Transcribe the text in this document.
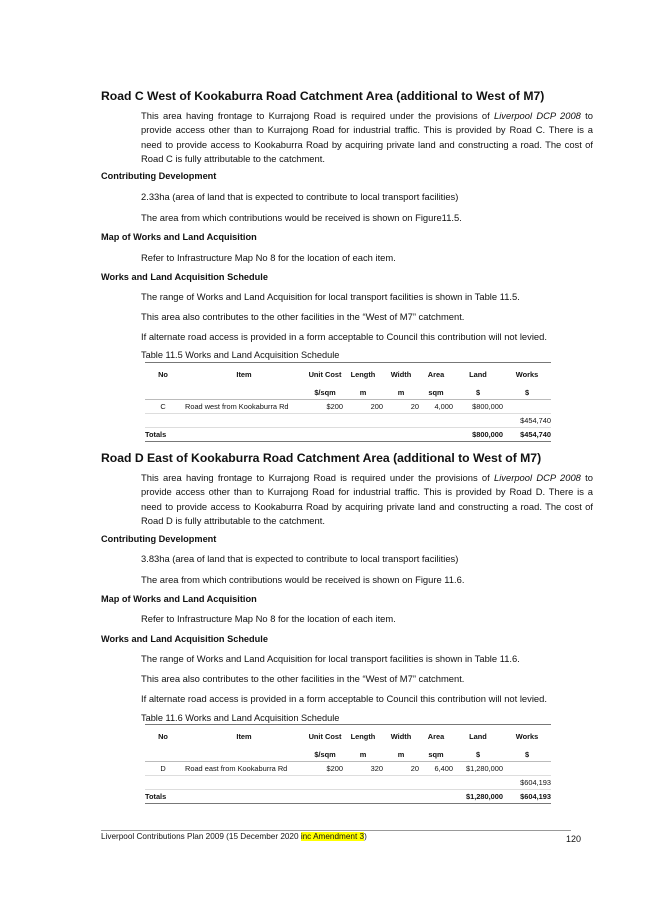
Road C West of Kookaburra Road Catchment Area (additional to West of M7)

This area having frontage to Kurrajong Road is required under the provisions of Liverpool DCP 2008 to provide access other than to Kurrajong Road for industrial traffic. This is provided by Road C. There is a need to provide access to Kookaburra Road by acquiring private land and constructing a road. The cost of Road C is fully attributable to the catchment.

Contributing Development

2.33ha (area of land that is expected to contribute to local transport facilities)

The area from which contributions would be received is shown on Figure11.5.

Map of Works and Land Acquisition

Refer to Infrastructure Map No 8 for the location of each item.

Works and Land Acquisition Schedule

The range of Works and Land Acquisition for local transport facilities is shown in Table 11.5.

This area also contributes to the other facilities in the “West of M7” catchment.

If alternate road access is provided in a form acceptable to Council this contribution will not levied.

Table 11.5 Works and Land Acquisition Schedule

No	Item	Unit Cost	Length	Width	Area	Land	Works
		$/sqm	m	m	sqm	$	$
C	Road west from Kookaburra Rd	$200	200	20	4,000	$800,000	
							$454,740
Totals						$800,000	$454,740
Road D East of Kookaburra Road Catchment Area (additional to West of M7)

This area having frontage to Kurrajong Road is required under the provisions of Liverpool DCP 2008 to provide access other than to Kurrajong Road for industrial traffic. This is provided by Road D. There is a need to provide access to Kookaburra Road by acquiring private land and constructing a road. The cost of Road D is fully attributable to the catchment.

Contributing Development

3.83ha (area of land that is expected to contribute to local transport facilities)

The area from which contributions would be received is shown on Figure 11.6.

Map of Works and Land Acquisition

Refer to Infrastructure Map No 8 for the location of each item.

Works and Land Acquisition Schedule

The range of Works and Land Acquisition for local transport facilities is shown in Table 11.6.

This area also contributes to the other facilities in the “West of M7” catchment.

If alternate road access is provided in a form acceptable to Council this contribution will not levied.

Table 11.6 Works and Land Acquisition Schedule

No	Item	Unit Cost	Length	Width	Area	Land	Works
		$/sqm	m	m	sqm	$	$
D	Road east from Kookaburra Rd	$200	320	20	6,400	$1,280,000	
							$604,193
Totals						$1,280,000	$604,193
Liverpool Contributions Plan 2009 (15 December 2020 inc Amendment 3)	120
